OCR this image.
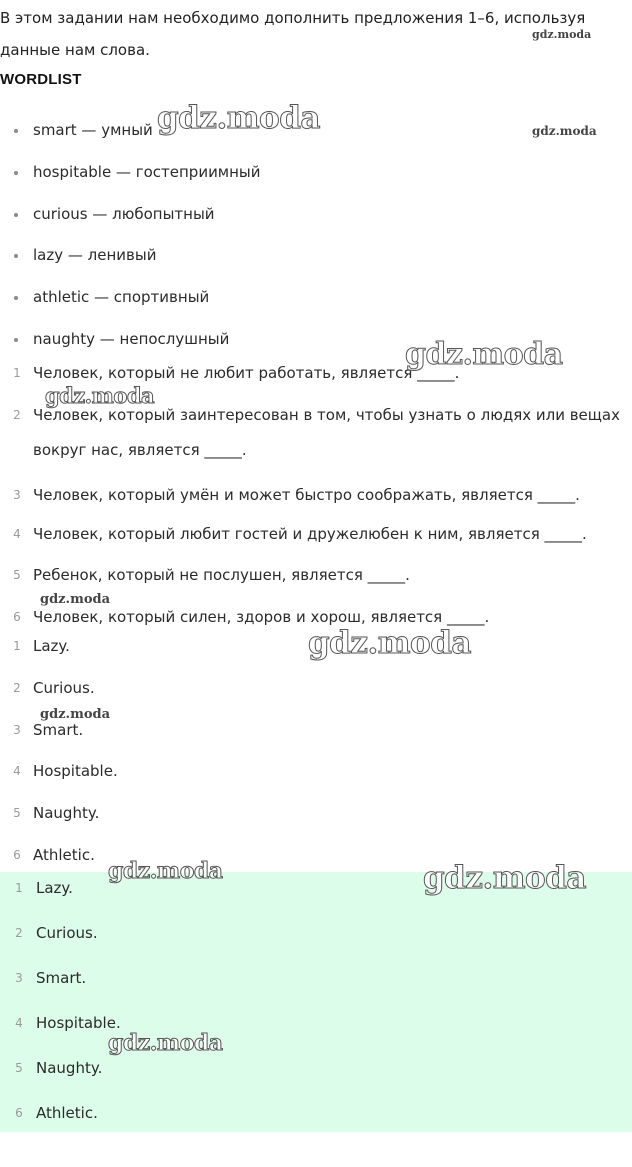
В этом задании нам необходимо дополнить предложения 1–6, используя данные нам слова.
WORDLIST
smart — умный
hospitable — гостеприимный
curious — любопытный
lazy — ленивый
athletic — спортивный
naughty — непослушный
1 Человек, который не любит работать, является _____.
2 Человек, который заинтересован в том, чтобы узнать о людях или вещах вокруг нас, является _____.
3 Человек, который умён и может быстро соображать, является _____.
4 Человек, который любит гостей и дружелюбен к ним, является _____.
5 Ребенок, который не послушен, является _____.
6 Человек, который силен, здоров и хорош, является _____.
1 Lazy.
2 Curious.
3 Smart.
4 Hospitable.
5 Naughty.
6 Athletic.
1 Lazy.
2 Curious.
3 Smart.
4 Hospitable.
5 Naughty.
6 Athletic.
gdz.moda
gdz.moda	gdz.moda
gdz.moda
gdz.moda
gdz.moda
gdz.moda
gdz.moda
gdz.moda	gdz.moda
gdz.moda
